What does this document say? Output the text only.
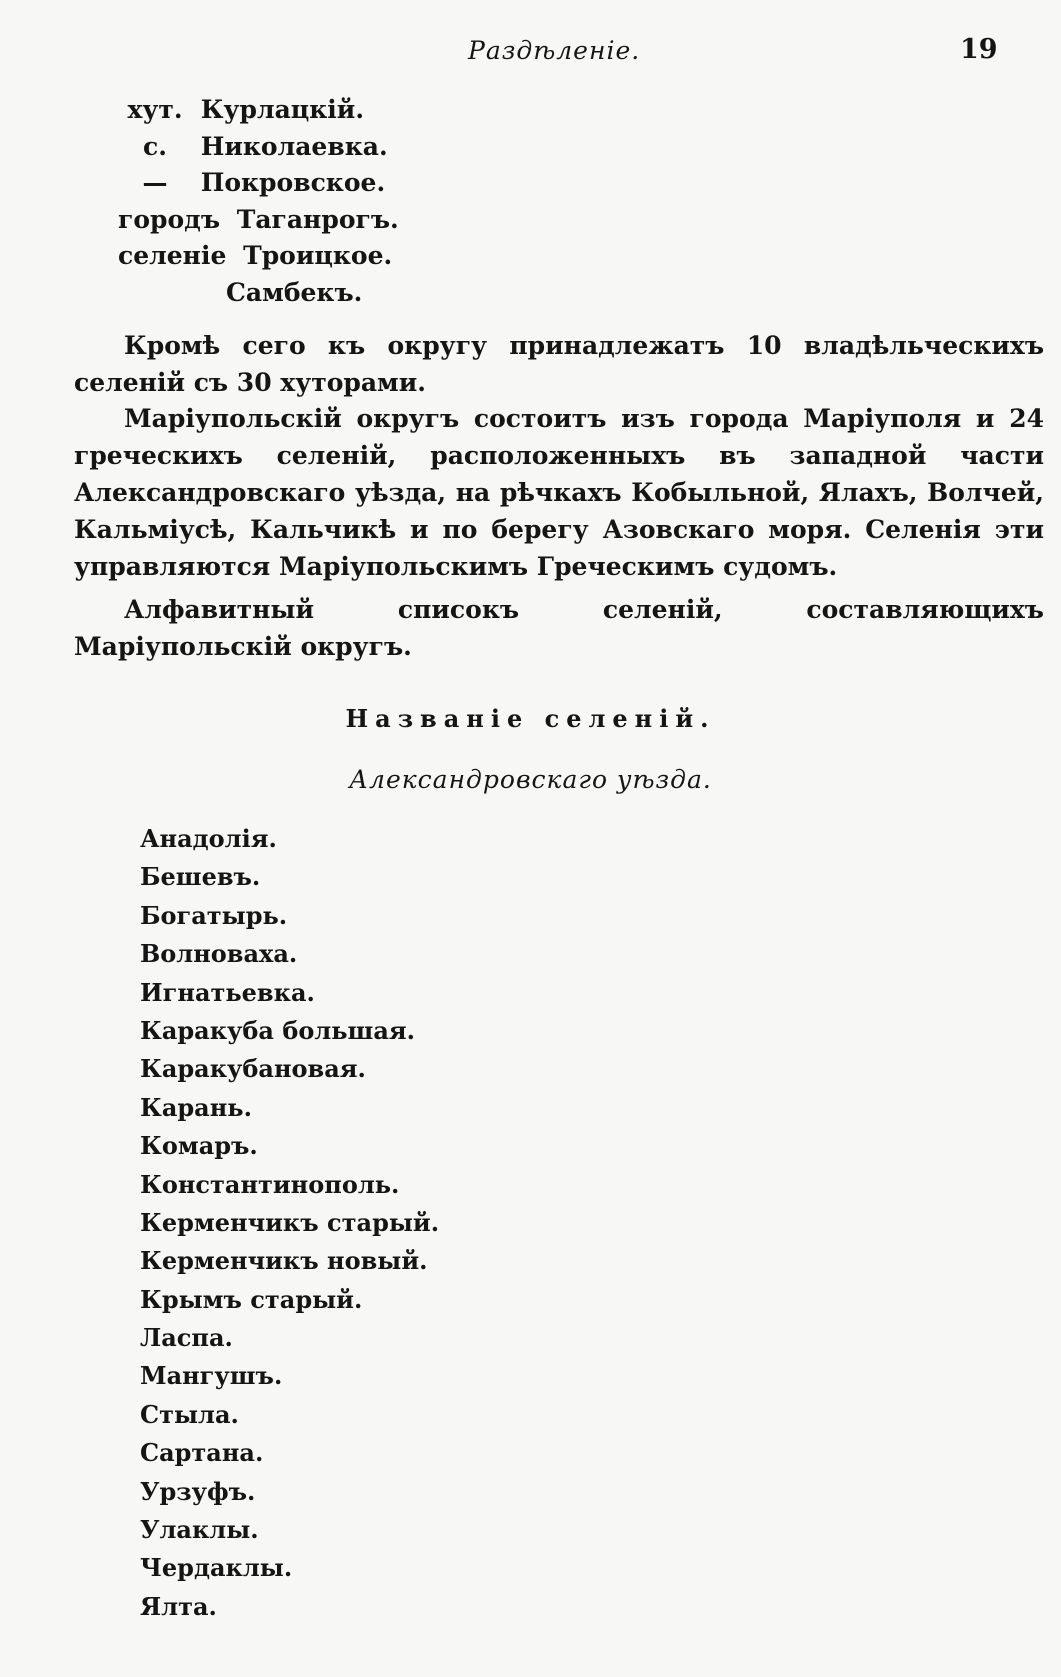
Раздѣленіе.	19
хут. Курлацкій.
с. Николаевка.
— Покровское.
городъ Таганрогъ.
селеніе Троицкое.
Самбекъ.

Кромѣ сего къ округу принадлежатъ 10 владѣльческихъ селеній съ 30 хуторами.

Маріупольскій округъ состоитъ изъ города Маріуполя и 24 греческихъ селеній, расположенныхъ въ западной части Александровскаго уѣзда, на рѣчкахъ Кобыльной, Ялахъ, Волчей, Кальміусѣ, Кальчикѣ и по берегу Азовскаго моря. Селенія эти управляются Маріупольскимъ Греческимъ судомъ.

Алфавитный списокъ селеній, составляющихъ Маріупольскій округъ.

Названіе селеній.
Александровскаго уѣзда.
Анадолія.
Бешевъ.
Богатырь.
Волноваха.
Игнатьевка.
Каракуба большая.
Каракубановая.
Карань.
Комаръ.
Константинополь.
Керменчикъ старый.
Керменчикъ новый.
Крымъ старый.
Ласпа.
Мангушъ.
Стыла.
Сартана.
Урзуфъ.
Улаклы.
Чердаклы.
Ялта.
